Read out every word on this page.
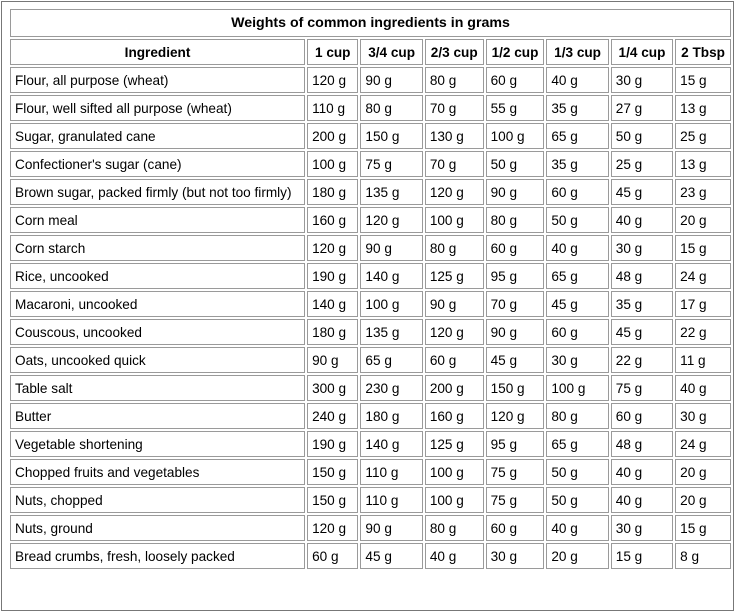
Weights of common ingredients in grams							
Ingredient	1 cup	3/4 cup	2/3 cup	1/2 cup	1/3 cup	1/4 cup	2 Tbsp
Flour, all purpose (wheat)	120 g	90 g	80 g	60 g	40 g	30 g	15 g
Flour, well sifted all purpose (wheat)	110 g	80 g	70 g	55 g	35 g	27 g	13 g
Sugar, granulated cane	200 g	150 g	130 g	100 g	65 g	50 g	25 g
Confectioner's sugar (cane)	100 g	75 g	70 g	50 g	35 g	25 g	13 g
Brown sugar, packed firmly (but not too firmly)	180 g	135 g	120 g	90 g	60 g	45 g	23 g
Corn meal	160 g	120 g	100 g	80 g	50 g	40 g	20 g
Corn starch	120 g	90 g	80 g	60 g	40 g	30 g	15 g
Rice, uncooked	190 g	140 g	125 g	95 g	65 g	48 g	24 g
Macaroni, uncooked	140 g	100 g	90 g	70 g	45 g	35 g	17 g
Couscous, uncooked	180 g	135 g	120 g	90 g	60 g	45 g	22 g
Oats, uncooked quick	90 g	65 g	60 g	45 g	30 g	22 g	11 g
Table salt	300 g	230 g	200 g	150 g	100 g	75 g	40 g
Butter	240 g	180 g	160 g	120 g	80 g	60 g	30 g
Vegetable shortening	190 g	140 g	125 g	95 g	65 g	48 g	24 g
Chopped fruits and vegetables	150 g	110 g	100 g	75 g	50 g	40 g	20 g
Nuts, chopped	150 g	110 g	100 g	75 g	50 g	40 g	20 g
Nuts, ground	120 g	90 g	80 g	60 g	40 g	30 g	15 g
Bread crumbs, fresh, loosely packed	60 g	45 g	40 g	30 g	20 g	15 g	8 g
